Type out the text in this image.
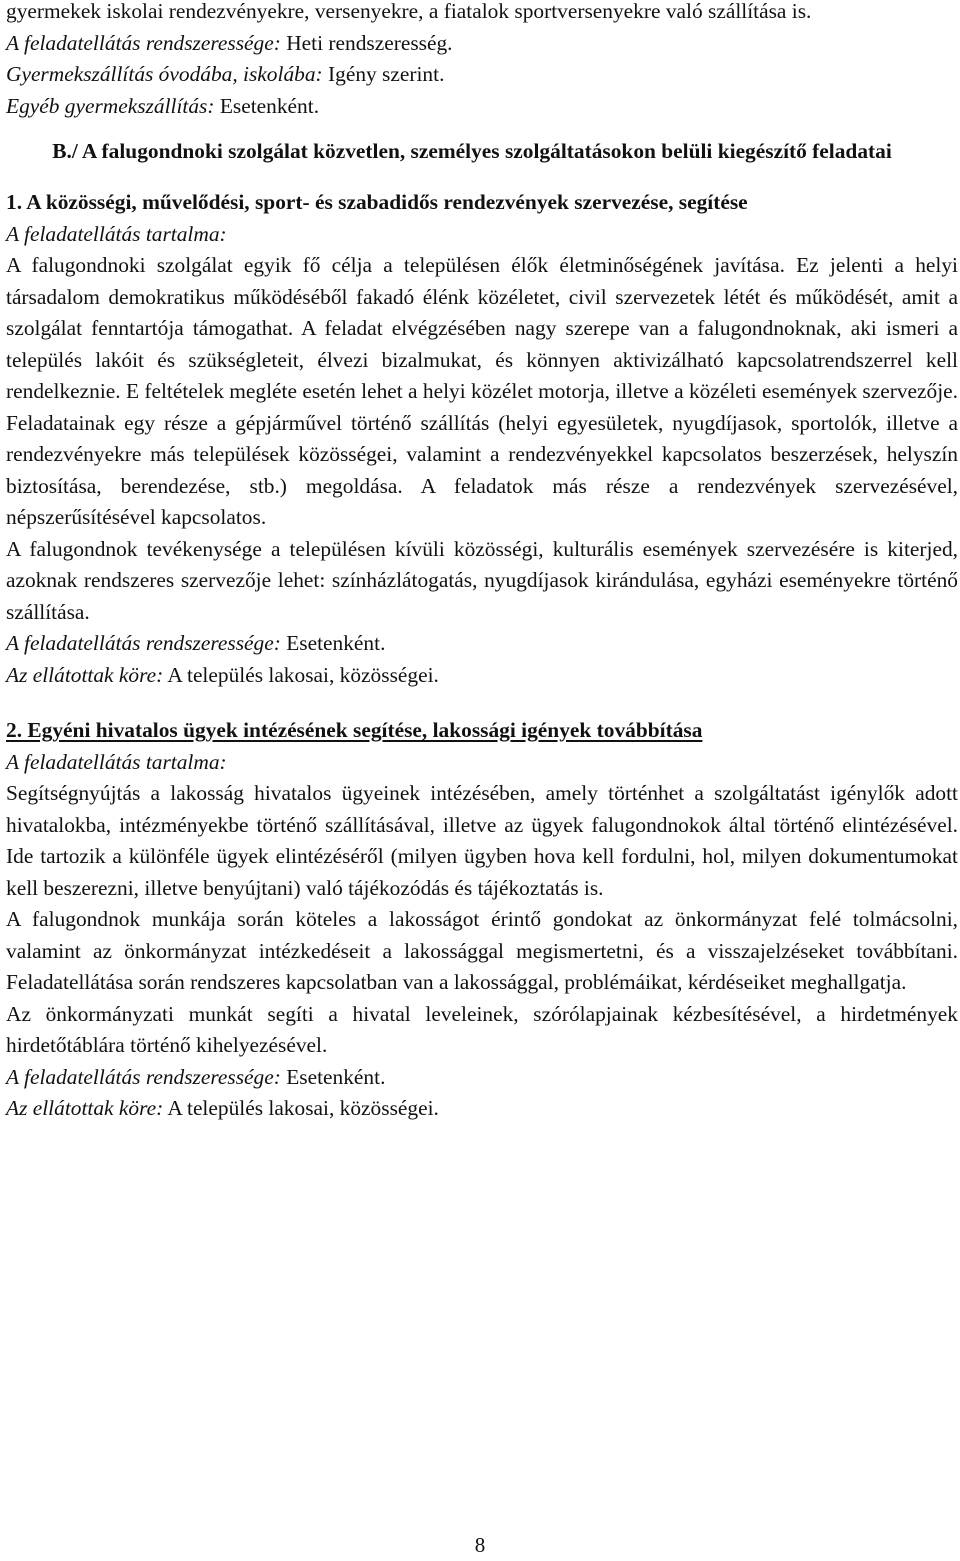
gyermekek iskolai rendezvényekre, versenyekre, a fiatalok sportversenyekre való szállítása is.

A feladatellátás rendszeressége: Heti rendszeresség.
Gyermekszállítás óvodába, iskolába: Igény szerint.
Egyéb gyermekszállítás: Esetenként.
B./ A falugondnoki szolgálat közvetlen, személyes szolgáltatásokon belüli kiegészítő feladatai
1. A közösségi, művelődési, sport- és szabadidős rendezvények szervezése, segítése
A feladatellátás tartalma:

A falugondnoki szolgálat egyik fő célja a településen élők életminőségének javítása. Ez jelenti a helyi társadalom demokratikus működéséből fakadó élénk közéletet, civil szervezetek létét és működését, amit a szolgálat fenntartója támogathat. A feladat elvégzésében nagy szerepe van a falugondnoknak, aki ismeri a település lakóit és szükségleteit, élvezi bizalmukat, és könnyen aktivizálható kapcsolatrendszerrel kell rendelkeznie. E feltételek megléte esetén lehet a helyi közélet motorja, illetve a közéleti események szervezője. Feladatainak egy része a gépjárművel történő szállítás (helyi egyesületek, nyugdíjasok, sportolók, illetve a rendezvényekre más települések közösségei, valamint a rendezvényekkel kapcsolatos beszerzések, helyszín biztosítása, berendezése, stb.) megoldása. A feladatok más része a rendezvények szervezésével, népszerűsítésével kapcsolatos.

A falugondnok tevékenysége a településen kívüli közösségi, kulturális események szervezésére is kiterjed, azoknak rendszeres szervezője lehet: színházlátogatás, nyugdíjasok kirándulása, egyházi eseményekre történő szállítása.

A feladatellátás rendszeressége: Esetenként.
Az ellátottak köre: A település lakosai, közösségei.
2. Egyéni hivatalos ügyek intézésének segítése, lakossági igények továbbítása
A feladatellátás tartalma:

Segítségnyújtás a lakosság hivatalos ügyeinek intézésében, amely történhet a szolgáltatást igénylők adott hivatalokba, intézményekbe történő szállításával, illetve az ügyek falugondnokok által történő elintézésével. Ide tartozik a különféle ügyek elintézéséről (milyen ügyben hova kell fordulni, hol, milyen dokumentumokat kell beszerezni, illetve benyújtani) való tájékozódás és tájékoztatás is.

A falugondnok munkája során köteles a lakosságot érintő gondokat az önkormányzat felé tolmácsolni, valamint az önkormányzat intézkedéseit a lakossággal megismertetni, és a visszajelzéseket továbbítani. Feladatellátása során rendszeres kapcsolatban van a lakossággal, problémáikat, kérdéseiket meghallgatja.

Az önkormányzati munkát segíti a hivatal leveleinek, szórólapjainak kézbesítésével, a hirdetmények hirdetőtáblára történő kihelyezésével.

A feladatellátás rendszeressége: Esetenként.
Az ellátottak köre: A település lakosai, közösségei.
8
